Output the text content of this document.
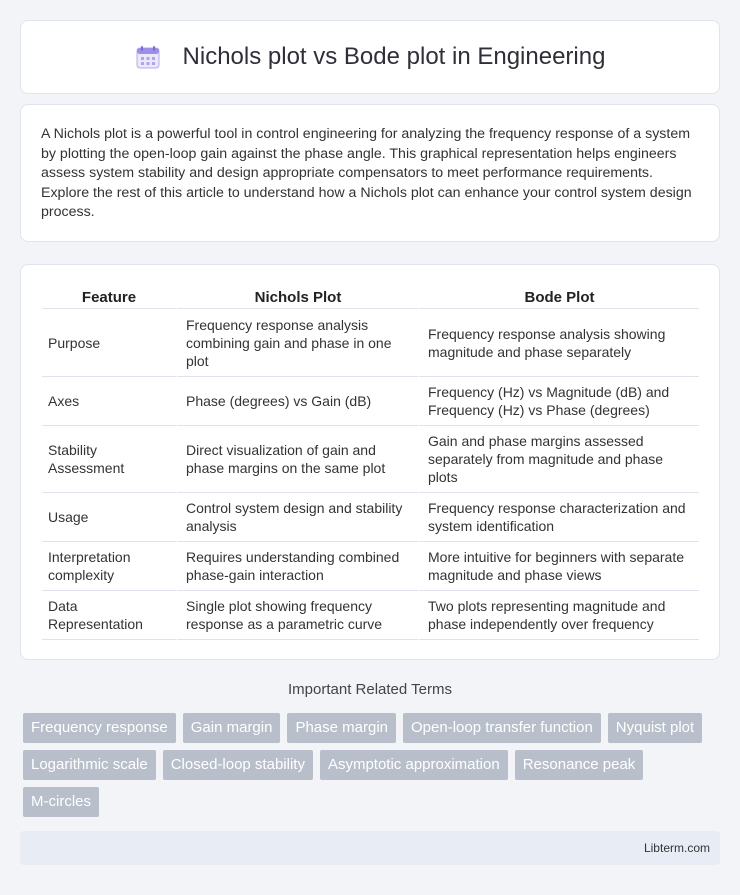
Nichols plot vs Bode plot in Engineering

A Nichols plot is a powerful tool in control engineering for analyzing the frequency response of a system by plotting the open-loop gain against the phase angle. This graphical representation helps engineers assess system stability and design appropriate compensators to meet performance requirements. Explore the rest of this article to understand how a Nichols plot can enhance your control system design process.

Feature	Nichols Plot	Bode Plot
Purpose	Frequency response analysis combining gain and phase in one plot	Frequency response analysis showing magnitude and phase separately
Axes	Phase (degrees) vs Gain (dB)	Frequency (Hz) vs Magnitude (dB) and Frequency (Hz) vs Phase (degrees)
Stability Assessment	Direct visualization of gain and phase margins on the same plot	Gain and phase margins assessed separately from magnitude and phase plots
Usage	Control system design and stability analysis	Frequency response characterization and system identification
Interpretation complexity	Requires understanding combined phase-gain interaction	More intuitive for beginners with separate magnitude and phase views
Data Representation	Single plot showing frequency response as a parametric curve	Two plots representing magnitude and phase independently over frequency
Important Related Terms
Frequency response	Gain margin	Phase margin	Open-loop transfer function	Nyquist plot
Logarithmic scale	Closed-loop stability	Asymptotic approximation	Resonance peak
M-circles
Libterm.com
